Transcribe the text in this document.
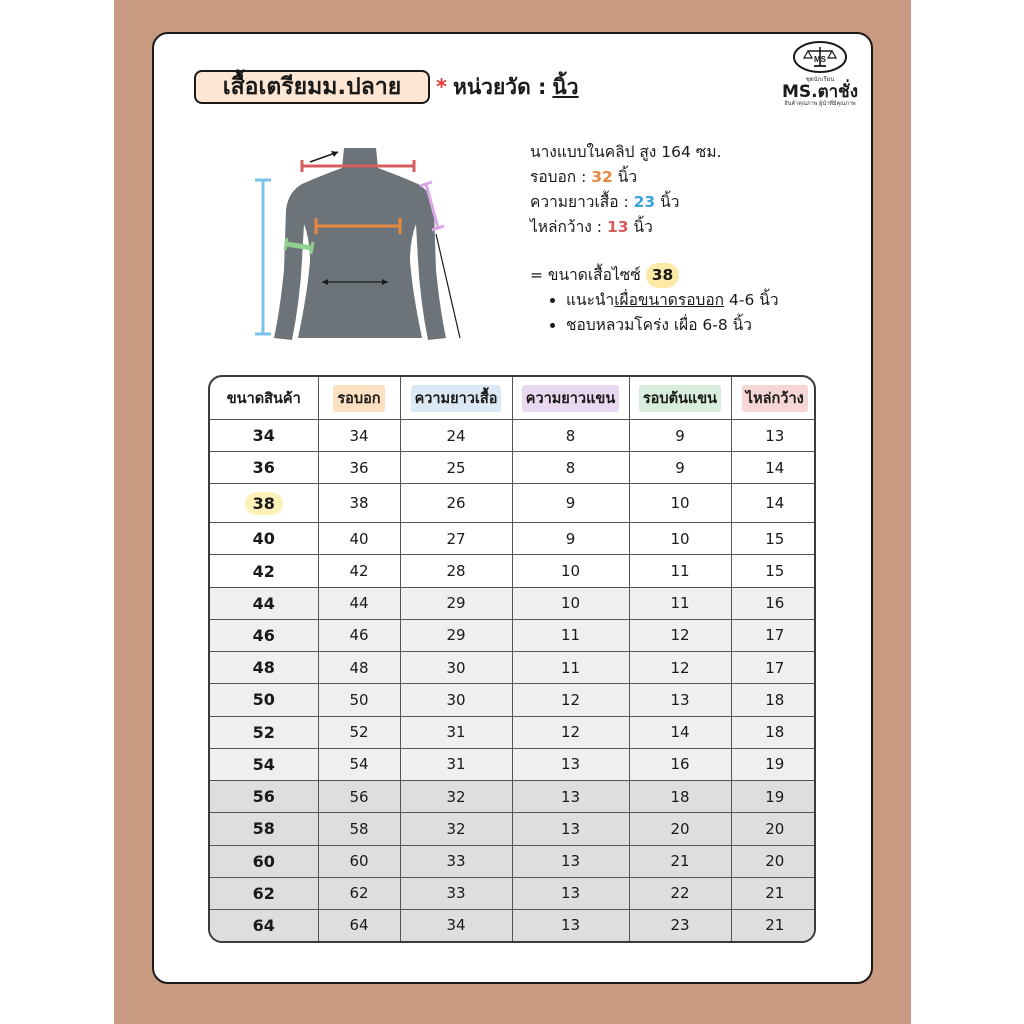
เสื้อเตรียมม.ปลาย * หน่วยวัด : นิ้ว
MS
ชุดนักเรียน
MS.ตาชั่ง
สินค้าคุณภาพ ผู้นำที่มีคุณภาพ
นางแบบในคลิป สูง 164 ซม.
รอบอก : 32 นิ้ว
ความยาวเสื้อ : 23 นิ้ว
ไหล่กว้าง : 13 นิ้ว
= ขนาดเสื้อไซซ์ 38
• แนะนำเผื่อขนาดรอบอก 4-6 นิ้ว
• ชอบหลวมโคร่ง เผื่อ 6-8 นิ้ว
ขนาดสินค้า	รอบอก	ความยาวเสื้อ	ความยาวแขน	รอบต้นแขน	ไหล่กว้าง
34	34	24	8	9	13
36	36	25	8	9	14
38	38	26	9	10	14
40	40	27	9	10	15
42	42	28	10	11	15
44	44	29	10	11	16
46	46	29	11	12	17
48	48	30	11	12	17
50	50	30	12	13	18
52	52	31	12	14	18
54	54	31	13	16	19
56	56	32	13	18	19
58	58	32	13	20	20
60	60	33	13	21	20
62	62	33	13	22	21
64	64	34	13	23	21
